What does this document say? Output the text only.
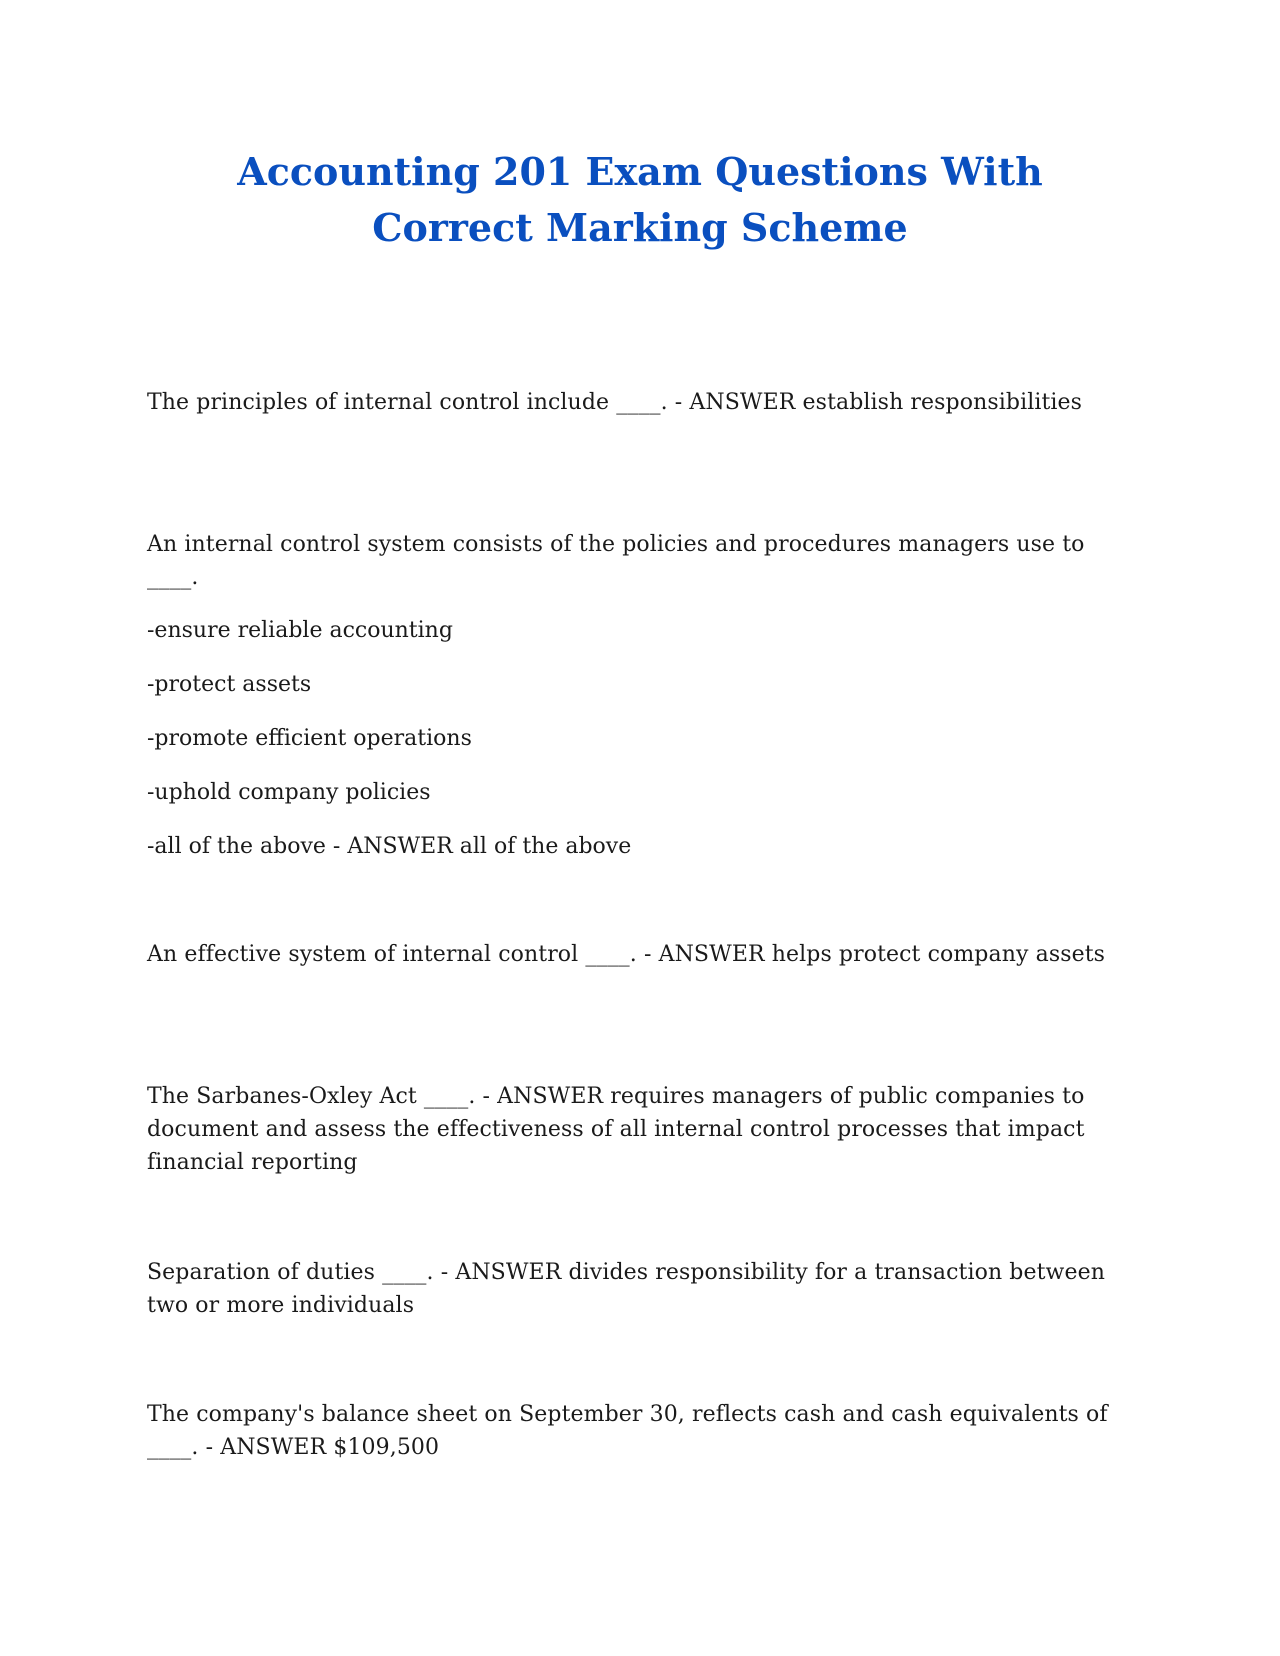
Accounting 201 Exam Questions With
Correct Marking Scheme

The principles of internal control include ____. - ANSWER establish responsibilities

An internal control system consists of the policies and procedures managers use to ____.

-ensure reliable accounting

-protect assets

-promote efficient operations

-uphold company policies

-all of the above - ANSWER all of the above

An effective system of internal control ____. - ANSWER helps protect company assets

The Sarbanes-Oxley Act ____. - ANSWER requires managers of public companies to document and assess the effectiveness of all internal control processes that impact financial reporting

Separation of duties ____. - ANSWER divides responsibility for a transaction between two or more individuals

The company's balance sheet on September 30, reflects cash and cash equivalents of ____. - ANSWER $109,500
